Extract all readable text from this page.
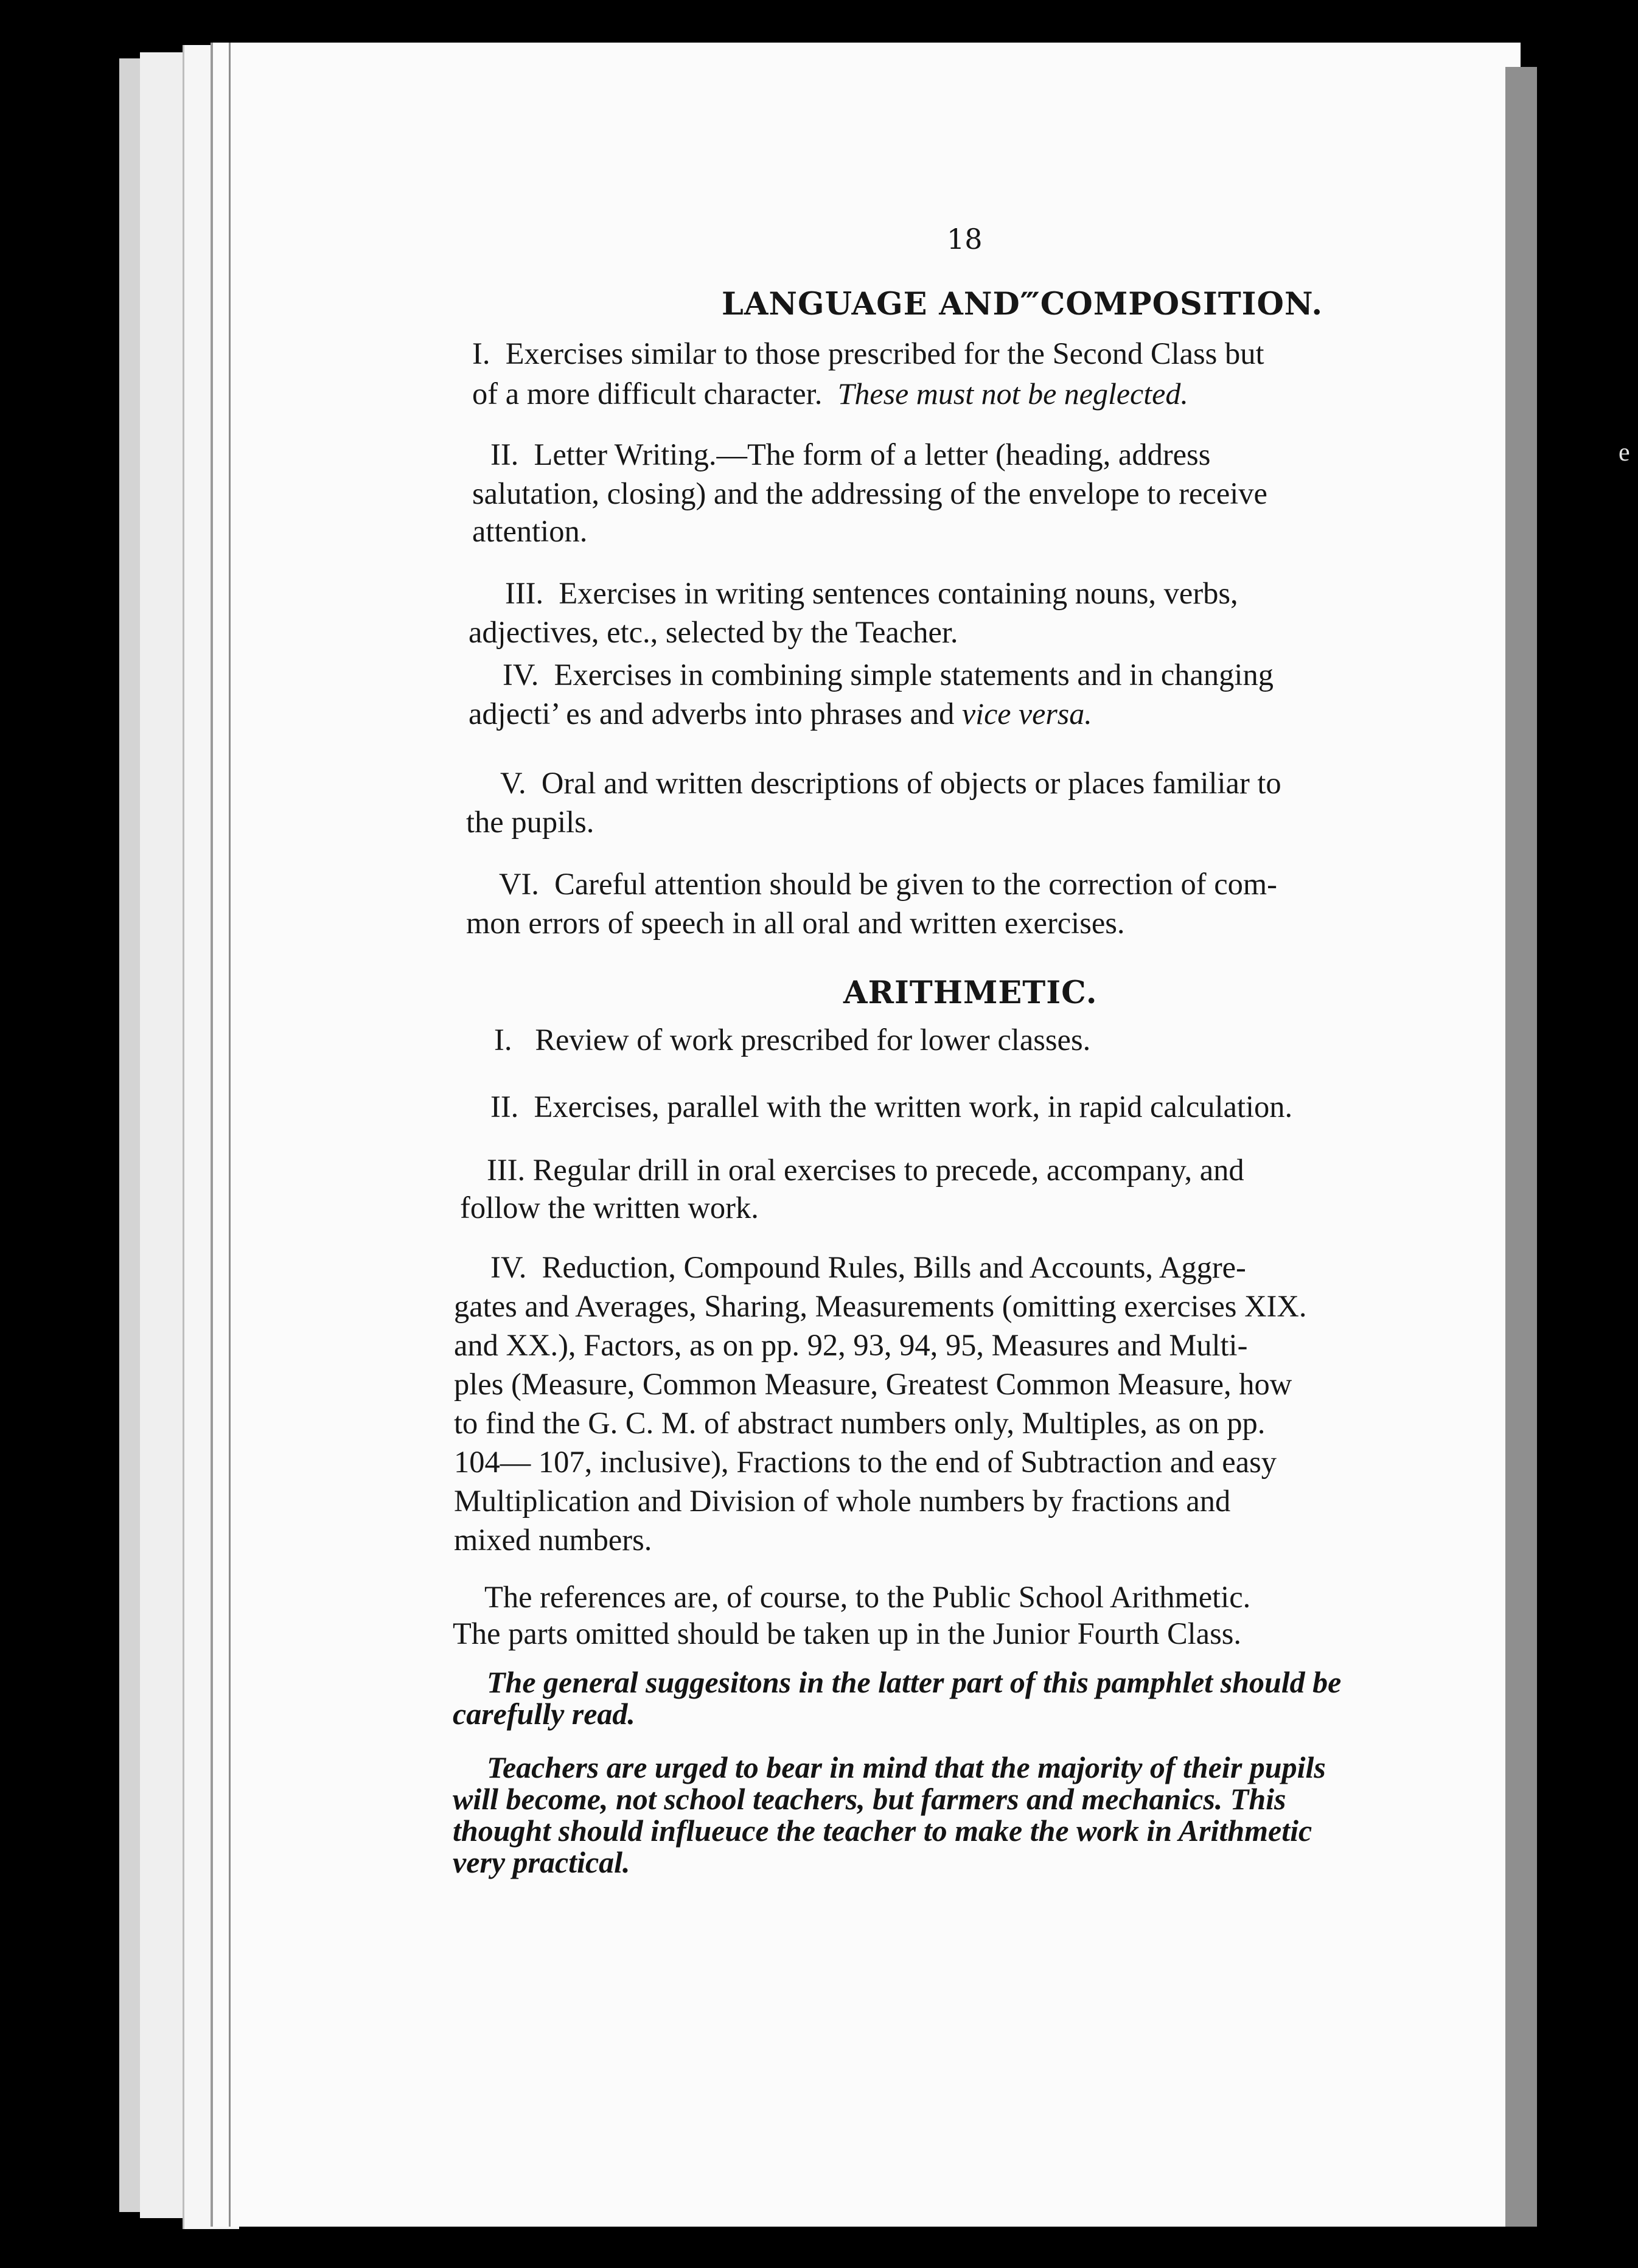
e
18
LANGUAGE AND‴COMPOSITION.
I. Exercises similar to those prescribed for the Second Class but
of a more difficult character. These must not be neglected.
II. Letter Writing.—The form of a letter (heading, address
salutation, closing) and the addressing of the envelope to receive
attention.
III. Exercises in writing sentences containing nouns, verbs,
adjectives, etc., selected by the Teacher.
IV. Exercises in combining simple statements and in changing
adjecti’ es and adverbs into phrases and vice versa.
V. Oral and written descriptions of objects or places familiar to
the pupils.
VI. Careful attention should be given to the correction of com-
mon errors of speech in all oral and written exercises.
ARITHMETIC.
I. Review of work prescribed for lower classes.
II. Exercises, parallel with the written work, in rapid calculation.
III. Regular drill in oral exercises to precede, accompany, and
follow the written work.
IV. Reduction, Compound Rules, Bills and Accounts, Aggre-
gates and Averages, Sharing, Measurements (omitting exercises XIX.
and XX.), Factors, as on pp. 92, 93, 94, 95, Measures and Multi-
ples (Measure, Common Measure, Greatest Common Measure, how
to find the G. C. M. of abstract numbers only, Multiples, as on pp.
104— 107, inclusive), Fractions to the end of Subtraction and easy
Multiplication and Division of whole numbers by fractions and
mixed numbers.
The references are, of course, to the Public School Arithmetic.
The parts omitted should be taken up in the Junior Fourth Class.
The general suggesitons in the latter part of this pamphlet should be
carefully read.
Teachers are urged to bear in mind that the majority of their pupils
will become, not school teachers, but farmers and mechanics. This
thought should influeuce the teacher to make the work in Arithmetic
very practical.
